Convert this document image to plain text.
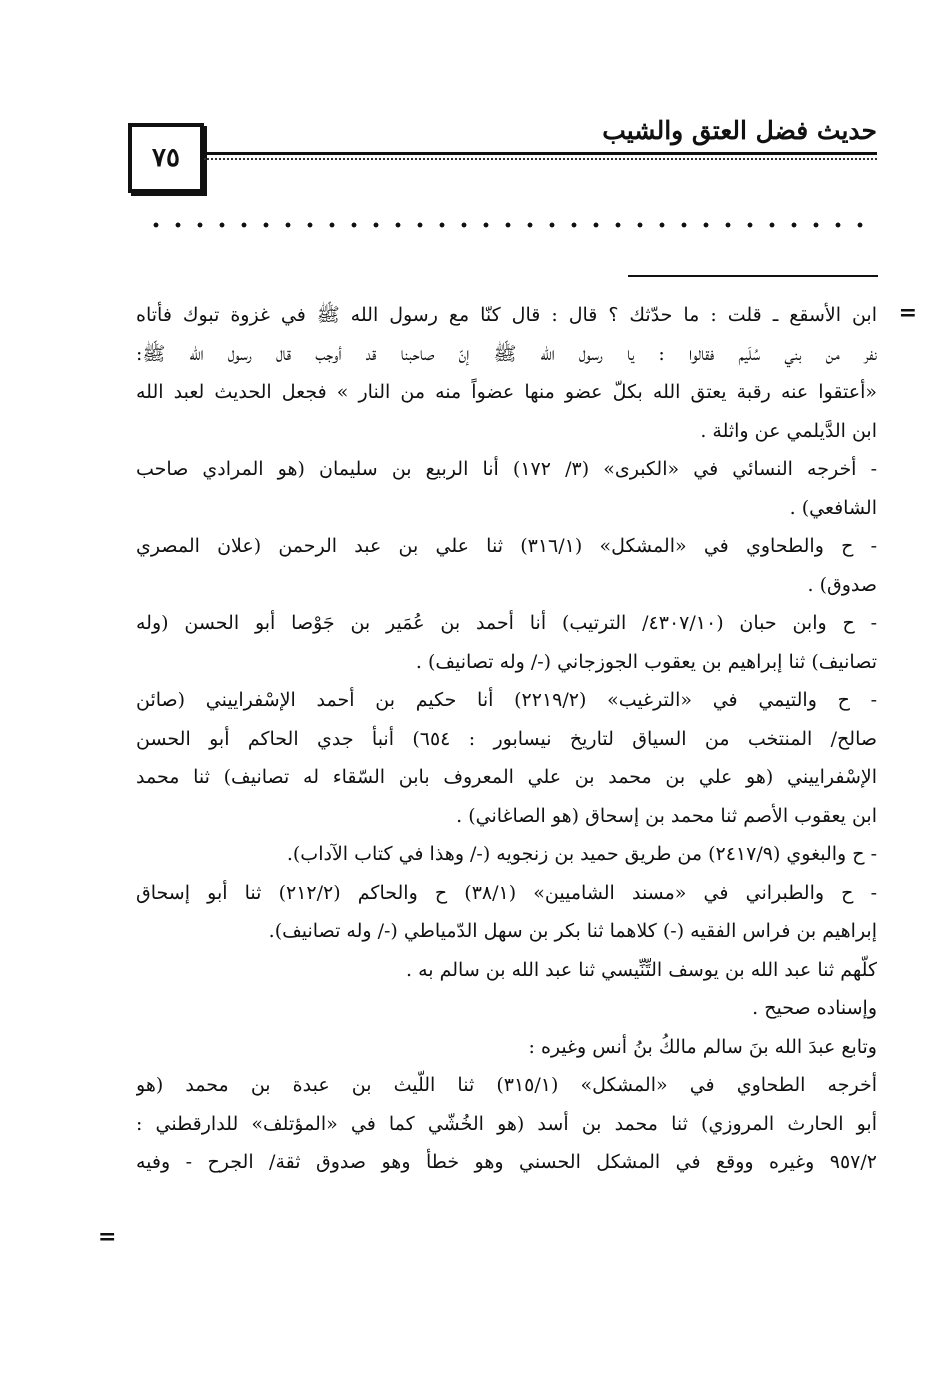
٧٥
حديث فضل العتق والشيب
=
=
ابن الأسقع ـ قلت : ما حدّثك ؟ قال : قال كنّا مع رسول الله ﷺ في غزوة تبوك فأتاه
نفر من بني سُلَيم فقالوا : يا رسول الله ﷺ إنّ صاحبنا قد أوجب قال رسول الله ﷺ:
«أعتقوا عنه رقبة يعتق الله بكلّ عضو منها عضواً منه من النار » فجعل الحديث لعبد الله
ابن الدَّيلمي عن واثلة .
- أخرجه النسائي في «الكبرى» (٣/ ١٧٢) أنا الربيع بن سليمان (هو المرادي صاحب
الشافعي) .
- ح والطحاوي في «المشكل» (٣١٦/١) ثنا علي بن عبد الرحمن (علان المصري
صدوق) .
- ح وابن حبان (٤٣٠٧/١٠/ الترتيب) أنا أحمد بن عُمَير بن جَوْصا أبو الحسن (وله
تصانيف) ثنا إبراهيم بن يعقوب الجوزجاني (-/ وله تصانيف) .
- ح والتيمي في «الترغيب» (٢٢١٩/٢) أنا حكيم بن أحمد الإسْفراييني (صائن
صالح/ المنتخب من السياق لتاريخ نيسابور : ٦٥٤) أنبأ جدي الحاكم أبو الحسن
الإسْفراييني (هو علي بن محمد بن علي المعروف بابن السّقاء له تصانيف) ثنا محمد
ابن يعقوب الأصم ثنا محمد بن إسحاق (هو الصاغاني) .
- ح والبغوي (٢٤١٧/٩) من طريق حميد بن زنجويه (-/ وهذا في كتاب الآداب).
- ح والطبراني في «مسند الشاميين» (٣٨/١) ح والحاكم (٢١٢/٢) ثنا أبو إسحاق
إبراهيم بن فراس الفقيه (-) كلاهما ثنا بكر بن سهل الدّمياطي (-/ وله تصانيف).
كلّهم ثنا عبد الله بن يوسف التِّنِّيسي ثنا عبد الله بن سالم به .
وإسناده صحيح .
وتابع عبدَ الله بنَ سالم مالكُ بنُ أنس وغيره :
أخرجه الطحاوي في «المشكل» (٣١٥/١) ثنا اللّيث بن عبدة بن محمد (هو
أبو الحارث المروزي) ثنا محمد بن أسد (هو الخُشّي كما في «المؤتلف» للدارقطني :
٩٥٧/٢ وغيره ووقع في المشكل الحسني وهو خطأ وهو صدوق ثقة/ الجرح - وفيه
